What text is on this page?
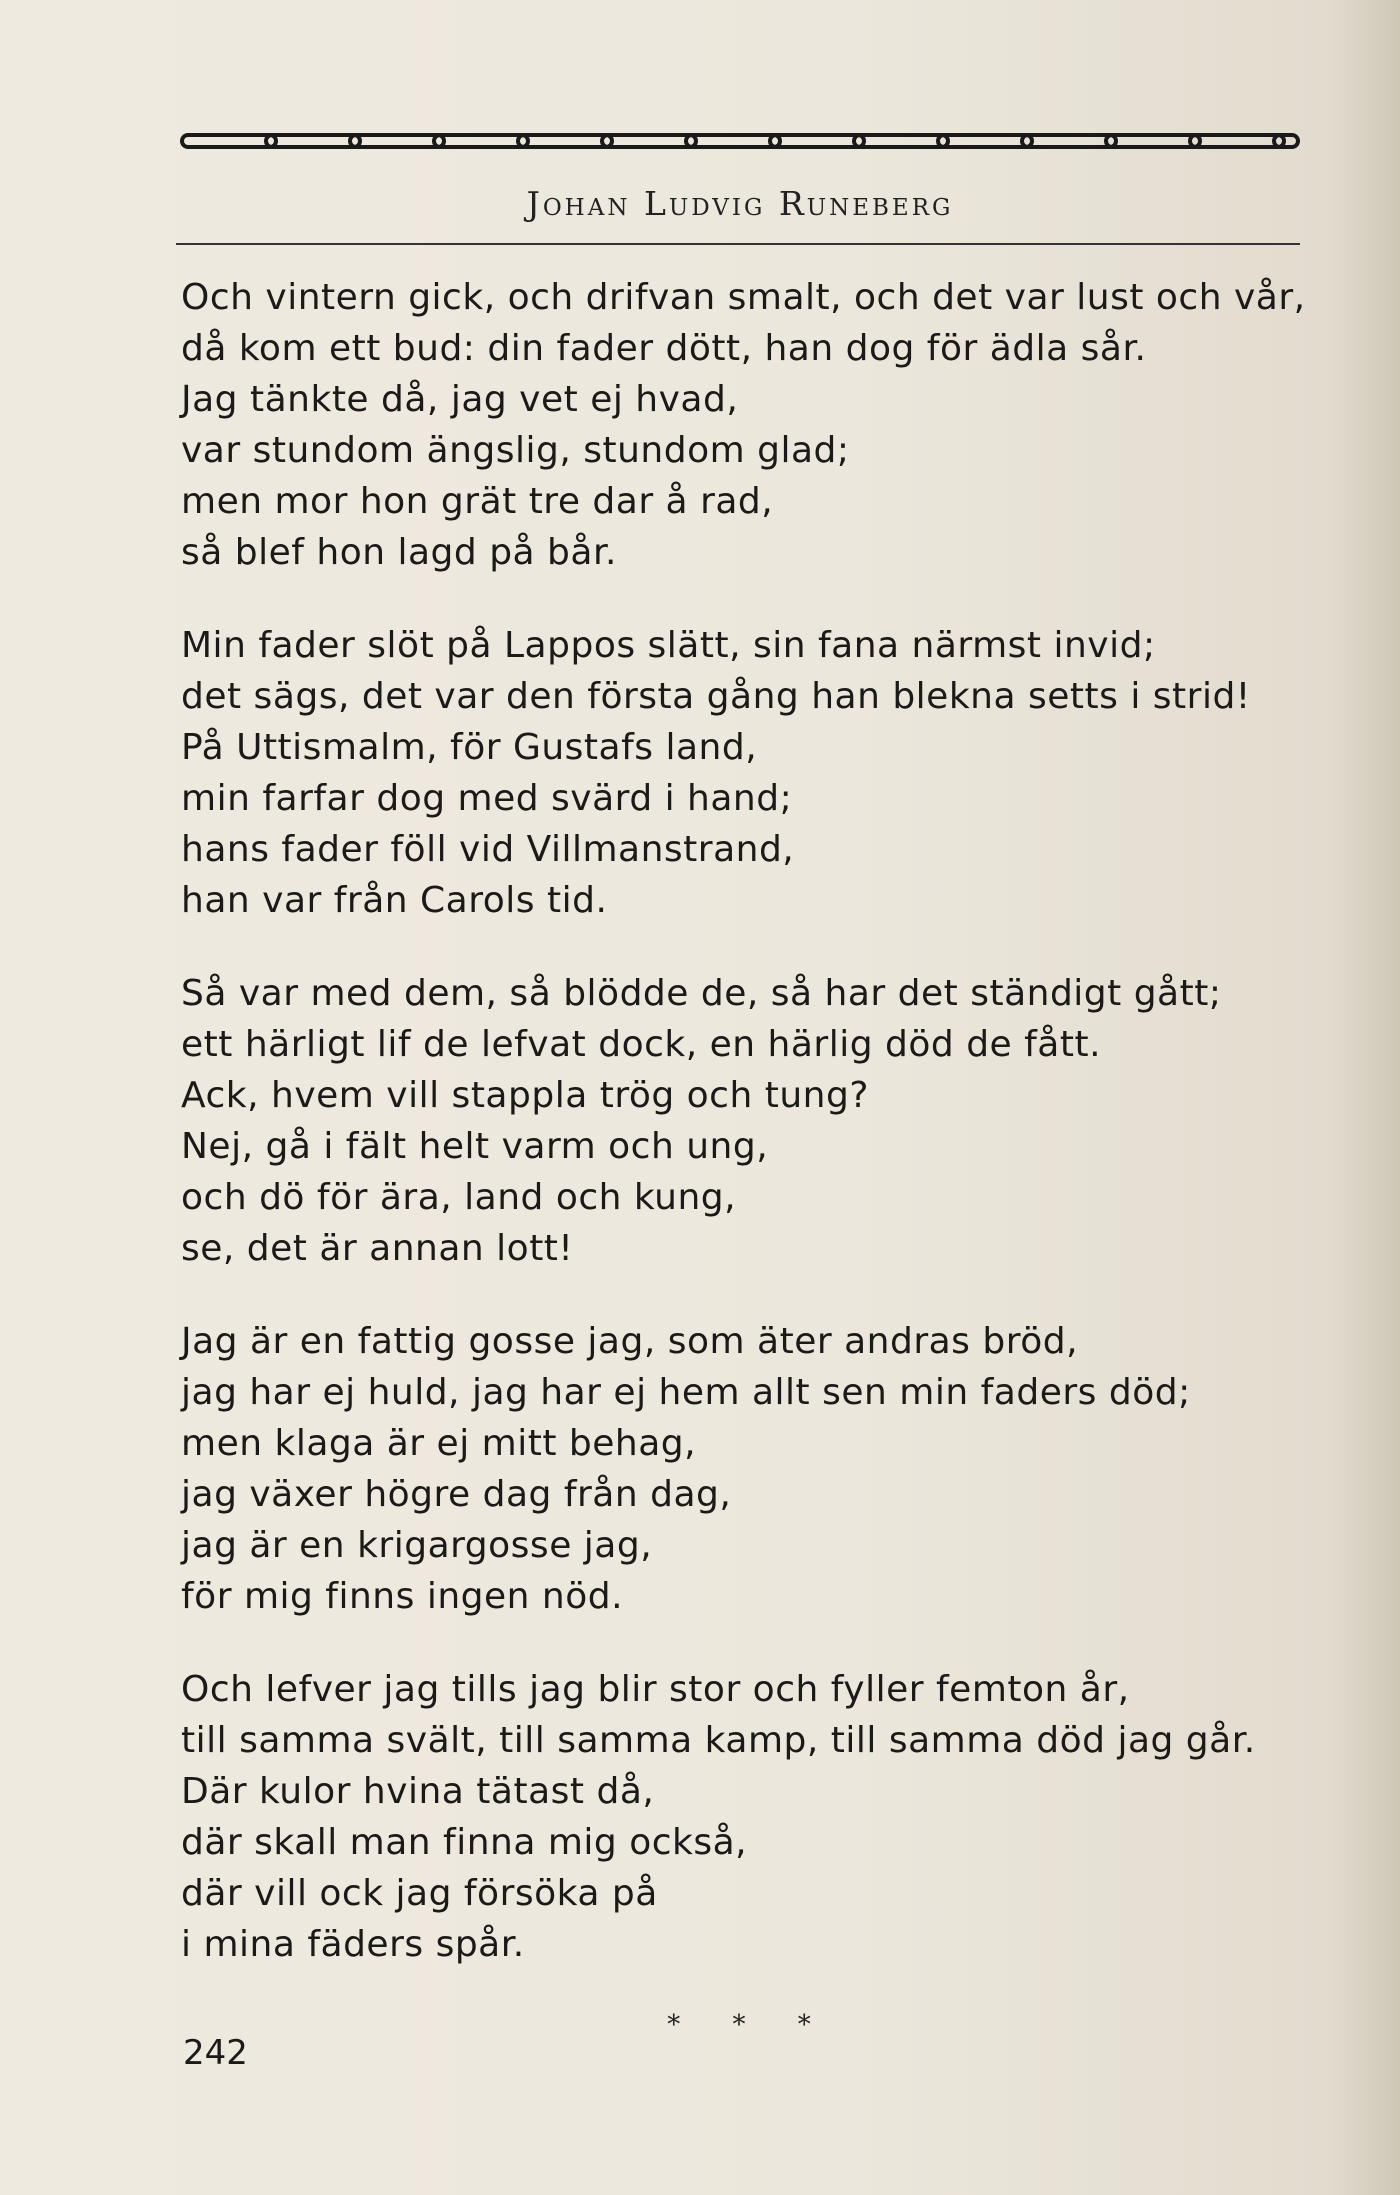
Johan Ludvig Runeberg
Och vintern gick, och drifvan smalt, och det var lust och vår,
då kom ett bud: din fader dött, han dog för ädla sår.
Jag tänkte då, jag vet ej hvad,
var stundom ängslig, stundom glad;
men mor hon grät tre dar å rad,
så blef hon lagd på bår.
Min fader slöt på Lappos slätt, sin fana närmst invid;
det sägs, det var den första gång han blekna setts i strid!
På Uttismalm, för Gustafs land,
min farfar dog med svärd i hand;
hans fader föll vid Villmanstrand,
han var från Carols tid.
Så var med dem, så blödde de, så har det ständigt gått;
ett härligt lif de lefvat dock, en härlig död de fått.
Ack, hvem vill stappla trög och tung?
Nej, gå i fält helt varm och ung,
och dö för ära, land och kung,
se, det är annan lott!
Jag är en fattig gosse jag, som äter andras bröd,
jag har ej huld, jag har ej hem allt sen min faders död;
men klaga är ej mitt behag,
jag växer högre dag från dag,
jag är en krigargosse jag,
för mig finns ingen nöd.
Och lefver jag tills jag blir stor och fyller femton år,
till samma svält, till samma kamp, till samma död jag går.
Där kulor hvina tätast då,
där skall man finna mig också,
där vill ock jag försöka på
i mina fäders spår.
* * *
242
